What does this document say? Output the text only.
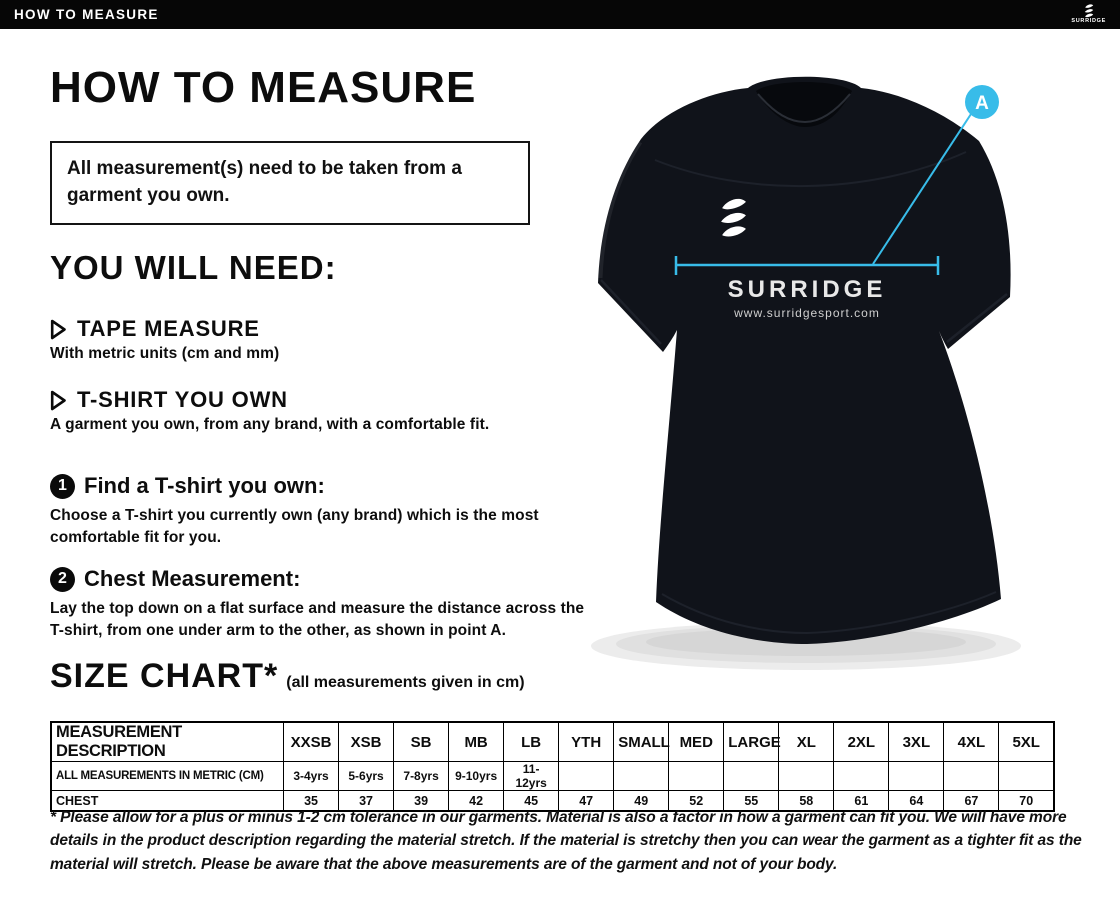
HOW TO MEASURE	SURRIDGE
HOW TO MEASURE
All measurement(s) need to be taken from a garment you own.
YOU WILL NEED:
TAPE MEASURE
With metric units (cm and mm)
T-SHIRT YOU OWN
A garment you own, from any brand, with a comfortable fit.
1 Find a T-shirt you own:
Choose a T-shirt you currently own (any brand) which is the most comfortable fit for you.
2 Chest Measurement:
Lay the top down on a flat surface and measure the distance across the T-shirt, from one under arm to the other, as shown in point A.
SIZE CHART* (all measurements given in cm)
MEASUREMENT DESCRIPTION	XXSB	XSB	SB	MB	LB	YTH	SMALL	MED	LARGE	XL	2XL	3XL	4XL	5XL
ALL MEASUREMENTS IN METRIC (CM)	3-4yrs	5-6yrs	7-8yrs	9-10yrs	11-12yrs									
CHEST	35	37	39	42	45	47	49	52	55	58	61	64	67	70
* Please allow for a plus or minus 1-2 cm tolerance in our garments. Material is also a factor in how a garment can fit you. We will have more details in the product description regarding the material stretch. If the material is stretchy then you can wear the garment as a tighter fit as the material will stretch. Please be aware that the above measurements are of the garment and not of your body.
SURRIDGE
www.surridgesport.com
A
